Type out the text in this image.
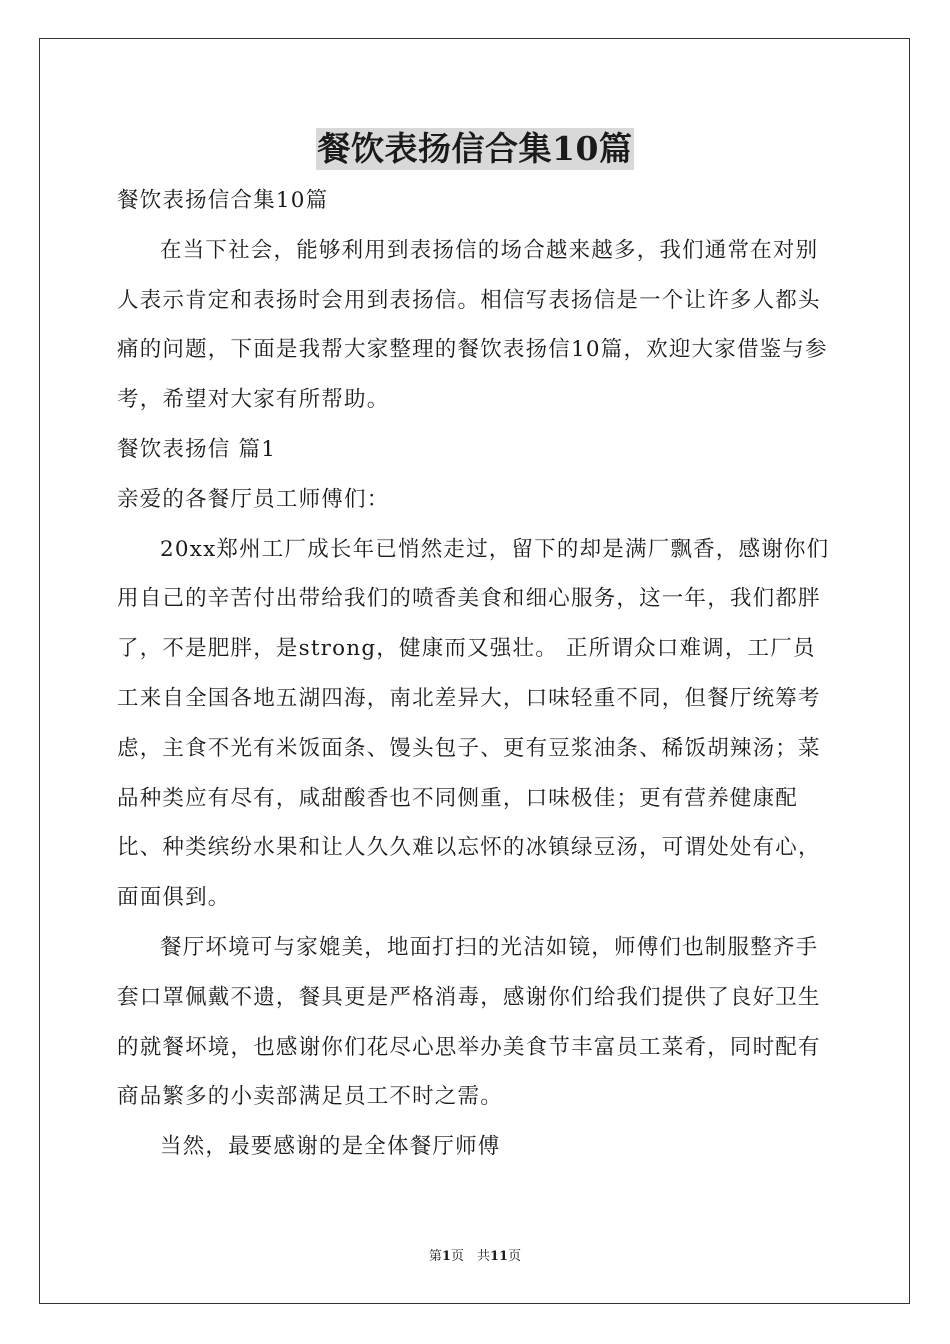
餐饮表扬信合集10篇

餐饮表扬信合集10篇

在当下社会，能够利用到表扬信的场合越来越多，我们通常在对别人表示肯定和表扬时会用到表扬信。相信写表扬信是一个让许多人都头痛的问题，下面是我帮大家整理的餐饮表扬信10篇，欢迎大家借鉴与参考，希望对大家有所帮助。

餐饮表扬信 篇1

亲爱的各餐厅员工师傅们：

20xx郑州工厂成长年已悄然走过，留下的却是满厂飘香，感谢你们用自己的辛苦付出带给我们的喷香美食和细心服务，这一年，我们都胖了，不是肥胖，是strong，健康而又强壮。 正所谓众口难调，工厂员工来自全国各地五湖四海，南北差异大，口味轻重不同，但餐厅统筹考虑，主食不光有米饭面条、馒头包子、更有豆浆油条、稀饭胡辣汤；菜品种类应有尽有，咸甜酸香也不同侧重，口味极佳；更有营养健康配比、种类缤纷水果和让人久久难以忘怀的冰镇绿豆汤，可谓处处有心，面面俱到。

餐厅坏境可与家媲美，地面打扫的光洁如镜，师傅们也制服整齐手套口罩佩戴不遗，餐具更是严格消毒，感谢你们给我们提供了良好卫生的就餐坏境，也感谢你们花尽心思举办美食节丰富员工菜肴，同时配有商品繁多的小卖部满足员工不时之需。

当然，最要感谢的是全体餐厅师傅

第1页　共11页
